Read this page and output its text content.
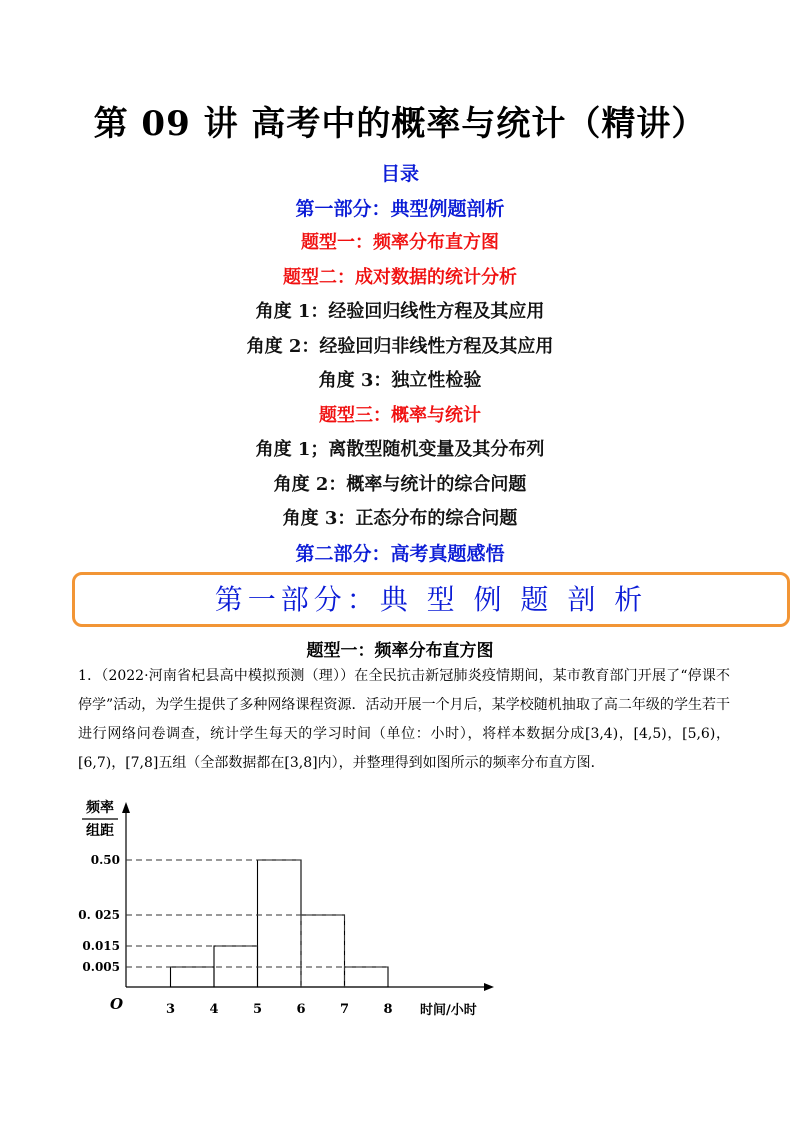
第 09 讲 高考中的概率与统计（精讲）
目录
第一部分：典型例题剖析
题型一：频率分布直方图
题型二：成对数据的统计分析
角度 1：经验回归线性方程及其应用
角度 2：经验回归非线性方程及其应用
角度 3：独立性检验
题型三：概率与统计
角度 1；离散型随机变量及其分布列
角度 2：概率与统计的综合问题
角度 3：正态分布的综合问题
第二部分：高考真题感悟
第一部分：典 型 例 题 剖 析
题型一：频率分布直方图
1．（2022·河南省杞县高中模拟预测（理））在全民抗击新冠肺炎疫情期间，某市教育部门开展了“停课不停学”活动，为学生提供了多种网络课程资源．活动开展一个月后，某学校随机抽取了高二年级的学生若干进行网络问卷调查，统计学生每天的学习时间（单位：小时），将样本数据分成[3,4)，[4,5)，[5,6)，[6,7)，[7,8]五组（全部数据都在[3,8]内），并整理得到如图所示的频率分布直方图．
0.50
0. 025
0.015
0.005
3	4	5	6	7	8
O
频率
组距
时间/小时
